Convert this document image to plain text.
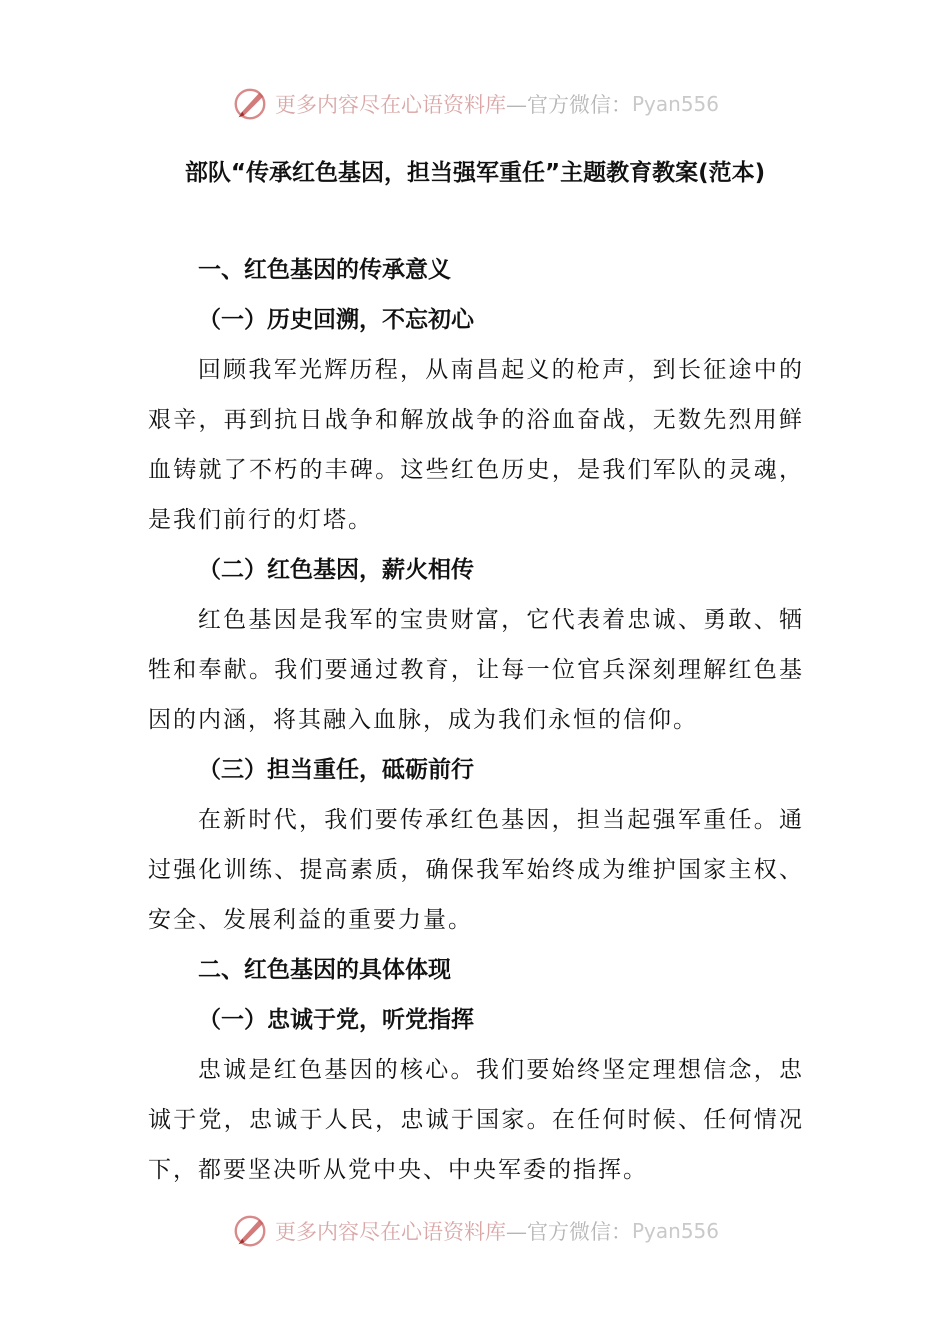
更多内容尽在心语资料库 —官方微信： Pyan556
部队“传承红色基因，担当强军重任”主题教育教案(范本)
一、红色基因的传承意义
（一）历史回溯，不忘初心

回顾我军光辉历程，从南昌起义的枪声，到长征途中的艰辛，再到抗日战争和解放战争的浴血奋战，无数先烈用鲜血铸就了不朽的丰碑。这些红色历史，是我们军队的灵魂，是我们前行的灯塔。

（二）红色基因，薪火相传

红色基因是我军的宝贵财富，它代表着忠诚、勇敢、牺牲和奉献。我们要通过教育，让每一位官兵深刻理解红色基因的内涵，将其融入血脉，成为我们永恒的信仰。

（三）担当重任，砥砺前行

在新时代，我们要传承红色基因，担当起强军重任。通过强化训练、提高素质，确保我军始终成为维护国家主权、安全、发展利益的重要力量。

二、红色基因的具体体现
（一）忠诚于党，听党指挥

忠诚是红色基因的核心。我们要始终坚定理想信念，忠诚于党，忠诚于人民，忠诚于国家。在任何时候、任何情况下，都要坚决听从党中央、中央军委的指挥。

更多内容尽在心语资料库 —官方微信： Pyan556
